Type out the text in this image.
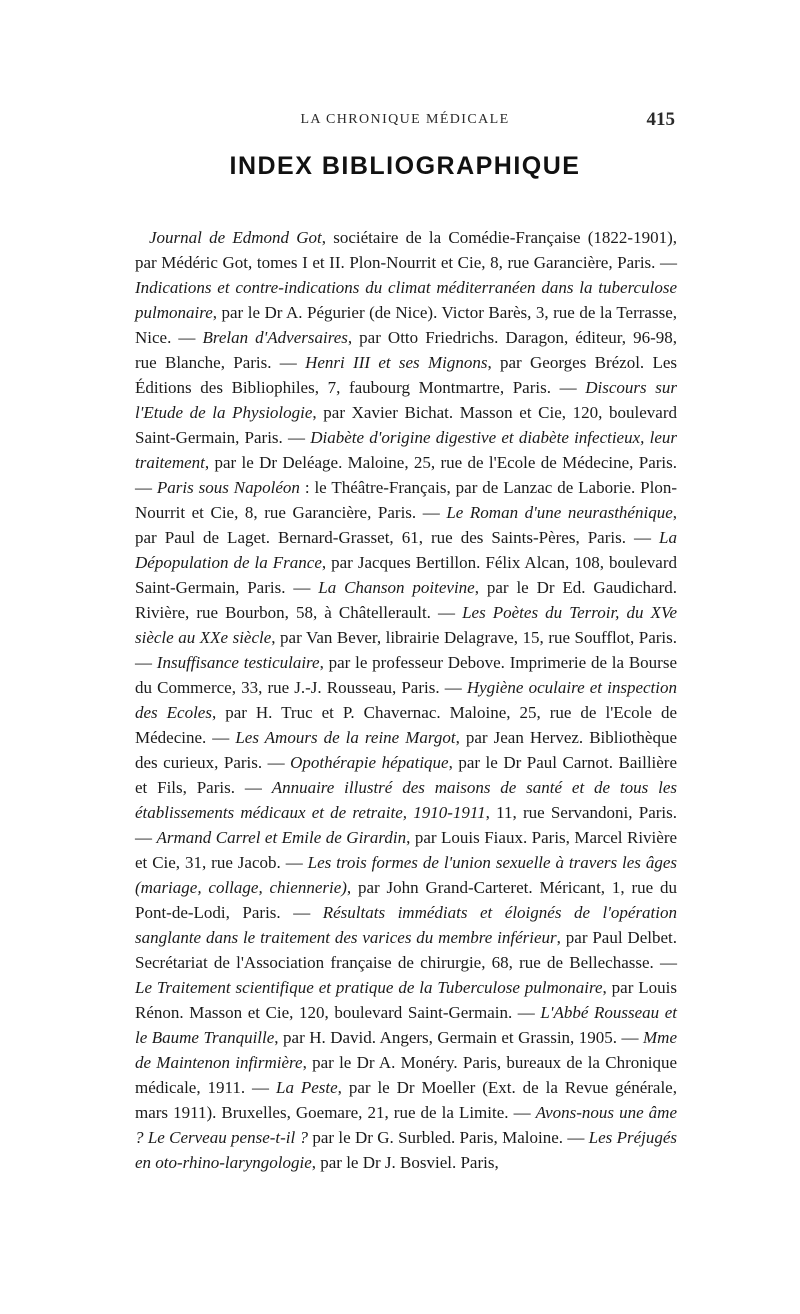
LA CHRONIQUE MÉDICALE	415
INDEX BIBLIOGRAPHIQUE

Journal de Edmond Got, sociétaire de la Comédie-Française (1822-1901), par Médéric Got, tomes I et II. Plon-Nourrit et Cie, 8, rue Garancière, Paris. — Indications et contre-indications du climat méditerranéen dans la tuberculose pulmonaire, par le Dr A. Pégurier (de Nice). Victor Barès, 3, rue de la Terrasse, Nice. — Brelan d'Adversaires, par Otto Friedrichs. Daragon, éditeur, 96-98, rue Blanche, Paris. — Henri III et ses Mignons, par Georges Brézol. Les Éditions des Bibliophiles, 7, faubourg Montmartre, Paris. — Discours sur l'Etude de la Physiologie, par Xavier Bichat. Masson et Cie, 120, boulevard Saint-Germain, Paris. — Diabète d'origine digestive et diabète infectieux, leur traitement, par le Dr Deléage. Maloine, 25, rue de l'Ecole de Médecine, Paris. — Paris sous Napoléon : le Théâtre-Français, par de Lanzac de Laborie. Plon-Nourrit et Cie, 8, rue Garancière, Paris. — Le Roman d'une neurasthénique, par Paul de Laget. Bernard-Grasset, 61, rue des Saints-Pères, Paris. — La Dépopulation de la France, par Jacques Bertillon. Félix Alcan, 108, boulevard Saint-Germain, Paris. — La Chanson poitevine, par le Dr Ed. Gaudichard. Rivière, rue Bourbon, 58, à Châtellerault. — Les Poètes du Terroir, du XVe siècle au XXe siècle, par Van Bever, librairie Delagrave, 15, rue Soufflot, Paris. — Insuffisance testiculaire, par le professeur Debove. Imprimerie de la Bourse du Commerce, 33, rue J.-J. Rousseau, Paris. — Hygiène oculaire et inspection des Ecoles, par H. Truc et P. Chavernac. Maloine, 25, rue de l'Ecole de Médecine. — Les Amours de la reine Margot, par Jean Hervez. Bibliothèque des curieux, Paris. — Opothérapie hépatique, par le Dr Paul Carnot. Baillière et Fils, Paris. — Annuaire illustré des maisons de santé et de tous les établissements médicaux et de retraite, 1910-1911, 11, rue Servandoni, Paris. — Armand Carrel et Emile de Girardin, par Louis Fiaux. Paris, Marcel Rivière et Cie, 31, rue Jacob. — Les trois formes de l'union sexuelle à travers les âges (mariage, collage, chiennerie), par John Grand-Carteret. Méricant, 1, rue du Pont-de-Lodi, Paris. — Résultats immédiats et éloignés de l'opération sanglante dans le traitement des varices du membre inférieur, par Paul Delbet. Secrétariat de l'Association française de chirurgie, 68, rue de Bellechasse. — Le Traitement scientifique et pratique de la Tuberculose pulmonaire, par Louis Rénon. Masson et Cie, 120, boulevard Saint-Germain. — L'Abbé Rousseau et le Baume Tranquille, par H. David. Angers, Germain et Grassin, 1905. — Mme de Maintenon infirmière, par le Dr A. Monéry. Paris, bureaux de la Chronique médicale, 1911. — La Peste, par le Dr Moeller (Ext. de la Revue générale, mars 1911). Bruxelles, Goemare, 21, rue de la Limite. — Avons-nous une âme ? Le Cerveau pense-t-il ? par le Dr G. Surbled. Paris, Maloine. — Les Préjugés en oto-rhino-laryngologie, par le Dr J. Bosviel. Paris,
